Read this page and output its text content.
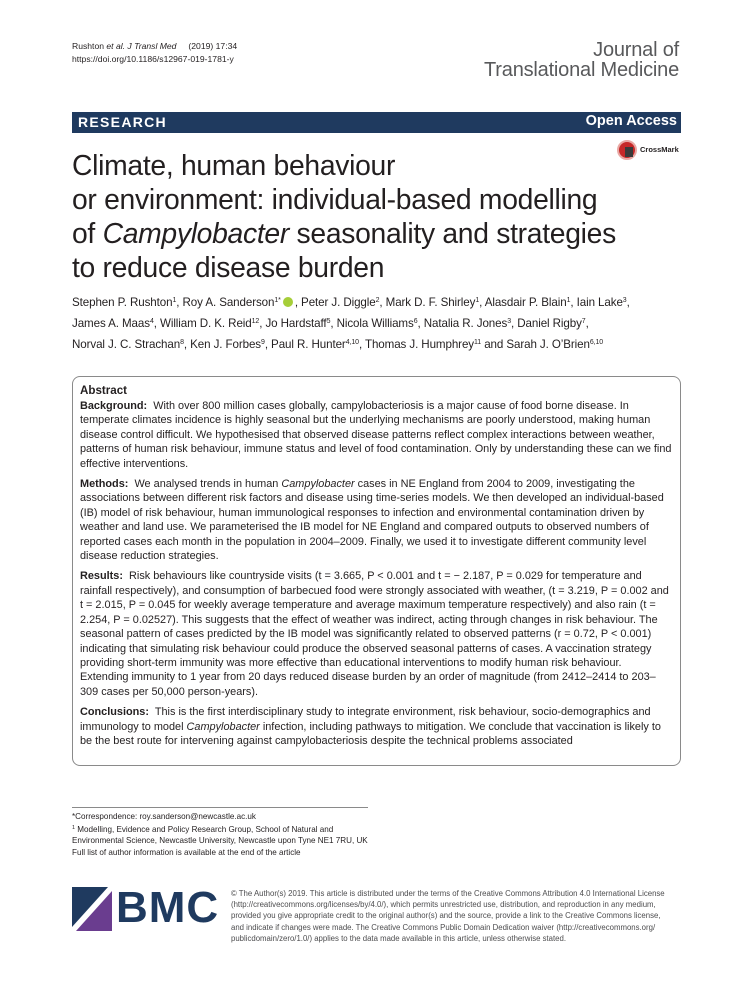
Rushton et al. J Transl Med (2019) 17:34
https://doi.org/10.1186/s12967-019-1781-y	Journal of
Translational Medicine
RESEARCH	Open Access
CrossMark
Climate, human behaviour
or environment: individual-based modelling
of Campylobacter seasonality and strategies
to reduce disease burden
Stephen P. Rushton$^1$, Roy A. Sanderson$^{1*}$ , Peter J. Diggle$^2$, Mark D. F. Shirley$^1$, Alasdair P. Blain$^1$, Iain Lake$^3$,
James A. Maas$^4$, William D. K. Reid$^{12}$, Jo Hardstaff$^5$, Nicola Williams$^6$, Natalia R. Jones$^3$, Daniel Rigby$^7$,
Norval J. C. Strachan$^8$, Ken J. Forbes$^9$, Paul R. Hunter$^{4,10}$, Thomas J. Humphrey$^{11}$ and Sarah J. O’Brien$^{6,10}$
Abstract

Background: With over 800 million cases globally, campylobacteriosis is a major cause of food borne disease. In temperate climates incidence is highly seasonal but the underlying mechanisms are poorly understood, making human disease control difficult. We hypothesised that observed disease patterns reflect complex interactions between weather, patterns of human risk behaviour, immune status and level of food contamination. Only by understanding these can we find effective interventions.

Methods: We analysed trends in human Campylobacter cases in NE England from 2004 to 2009, investigating the associations between different risk factors and disease using time-series models. We then developed an individual-based (IB) model of risk behaviour, human immunological responses to infection and environmental contamination driven by weather and land use. We parameterised the IB model for NE England and compared outputs to observed numbers of reported cases each month in the population in 2004–2009. Finally, we used it to investigate different community level disease reduction strategies.

Results: Risk behaviours like countryside visits (t = 3.665, P < 0.001 and t = − 2.187, P = 0.029 for temperature and rainfall respectively), and consumption of barbecued food were strongly associated with weather, (t = 3.219, P = 0.002 and t = 2.015, P = 0.045 for weekly average temperature and average maximum temperature respectively) and also rain (t = 2.254, P = 0.02527). This suggests that the effect of weather was indirect, acting through changes in risk behaviour. The seasonal pattern of cases predicted by the IB model was significantly related to observed patterns (r = 0.72, P < 0.001) indicating that simulating risk behaviour could produce the observed seasonal patterns of cases. A vaccination strategy providing short-term immunity was more effective than educational interventions to modify human risk behaviour. Extending immunity to 1 year from 20 days reduced disease burden by an order of magnitude (from 2412–2414 to 203–309 cases per 50,000 person-years).

Conclusions: This is the first interdisciplinary study to integrate environment, risk behaviour, socio-demographics and immunology to model Campylobacter infection, including pathways to mitigation. We conclude that vaccination is likely to be the best route for intervening against campylobacteriosis despite the technical problems associated

*Correspondence: roy.sanderson@newcastle.ac.uk

$^1$ Modelling, Evidence and Policy Research Group, School of Natural and Environmental Science, Newcastle University, Newcastle upon Tyne NE1 7RU, UK

Full list of author information is available at the end of the article

BMC © The Author(s) 2019. This article is distributed under the terms of the Creative Commons Attribution 4.0 International License
(http://creativecommons.org/licenses/by/4.0/), which permits unrestricted use, distribution, and reproduction in any medium,
provided you give appropriate credit to the original author(s) and the source, provide a link to the Creative Commons license,
and indicate if changes were made. The Creative Commons Public Domain Dedication waiver (http://creativecommons.org/
publicdomain/zero/1.0/) applies to the data made available in this article, unless otherwise stated.
